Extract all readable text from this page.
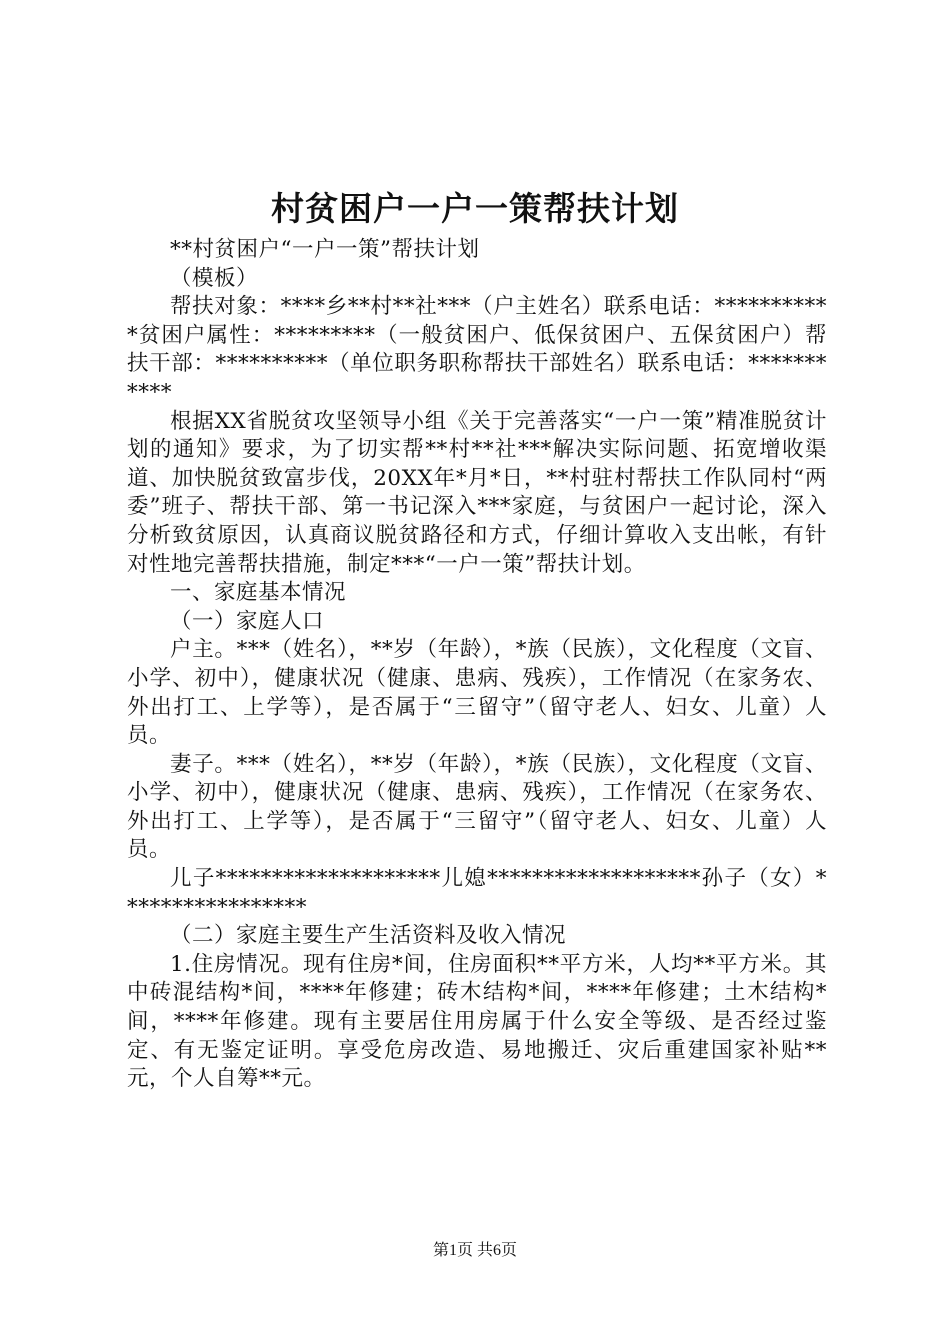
村贫困户一户一策帮扶计划

**村贫困户“一户一策”帮扶计划

（模板）

帮扶对象：****乡**村**社***（户主姓名）联系电话：***********贫困户属性：*********（一般贫困户、低保贫困户、五保贫困户）帮扶干部：**********（单位职务职称帮扶干部姓名）联系电话：***********

根据XX省脱贫攻坚领导小组《关于完善落实“一户一策”精准脱贫计划的通知》要求，为了切实帮**村**社***解决实际问题、拓宽增收渠道、加快脱贫致富步伐，20XX年*月*日，**村驻村帮扶工作队同村“两委”班子、帮扶干部、第一书记深入***家庭，与贫困户一起讨论，深入分析致贫原因，认真商议脱贫路径和方式，仔细计算收入支出帐，有针对性地完善帮扶措施，制定***“一户一策”帮扶计划。

一、家庭基本情况

（一）家庭人口

户主。***（姓名），**岁（年龄），*族（民族），文化程度（文盲、小学、初中），健康状况（健康、患病、残疾），工作情况（在家务农、外出打工、上学等），是否属于“三留守”（留守老人、妇女、儿童）人员。

妻子。***（姓名），**岁（年龄），*族（民族），文化程度（文盲、小学、初中），健康状况（健康、患病、残疾），工作情况（在家务农、外出打工、上学等），是否属于“三留守”（留守老人、妇女、儿童）人员。

儿子********************儿媳*******************孙子（女）*****************

（二）家庭主要生产生活资料及收入情况

1.住房情况。现有住房*间，住房面积**平方米，人均**平方米。其中砖混结构*间，****年修建；砖木结构*间，****年修建；土木结构*间，****年修建。现有主要居住用房属于什么安全等级、是否经过鉴定、有无鉴定证明。享受危房改造、易地搬迁、灾后重建国家补贴**元，个人自筹**元。

第1页 共6页
